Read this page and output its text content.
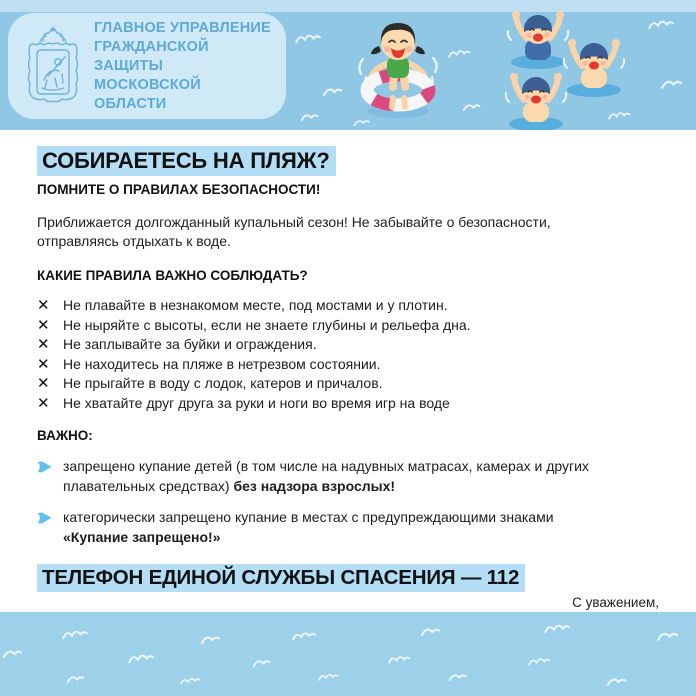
ГЛАВНОЕ УПРАВЛЕНИЕ
ГРАЖДАНСКОЙ ЗАЩИТЫ
МОСКОВСКОЙ ОБЛАСТИ
СОБИРАЕТЕСЬ НА ПЛЯЖ?
ПОМНИТЕ О ПРАВИЛАХ БЕЗОПАСНОСТИ!

Приближается долгожданный купальный сезон! Не забывайте о безопасности, отправляясь отдыхать к воде.

КАКИЕ ПРАВИЛА ВАЖНО СОБЛЮДАТЬ?
✕ Не плавайте в незнакомом месте, под мостами и у плотин.
✕ Не ныряйте с высоты, если не знаете глубины и рельефа дна.
✕ Не заплывайте за буйки и ограждения.
✕ Не находитесь на пляже в нетрезвом состоянии.
✕ Не прыгайте в воду с лодок, катеров и причалов.
✕ Не хватайте друг друга за руки и ноги во время игр на воде
ВАЖНО:

запрещено купание детей (в том числе на надувных матрасах, камерах и других плавательных средствах) без надзора взрослых!

категорически запрещено купание в местах с предупреждающими знаками «Купание запрещено!»

ТЕЛЕФОН ЕДИНОЙ СЛУЖБЫ СПАСЕНИЯ — 112
С уважением,
